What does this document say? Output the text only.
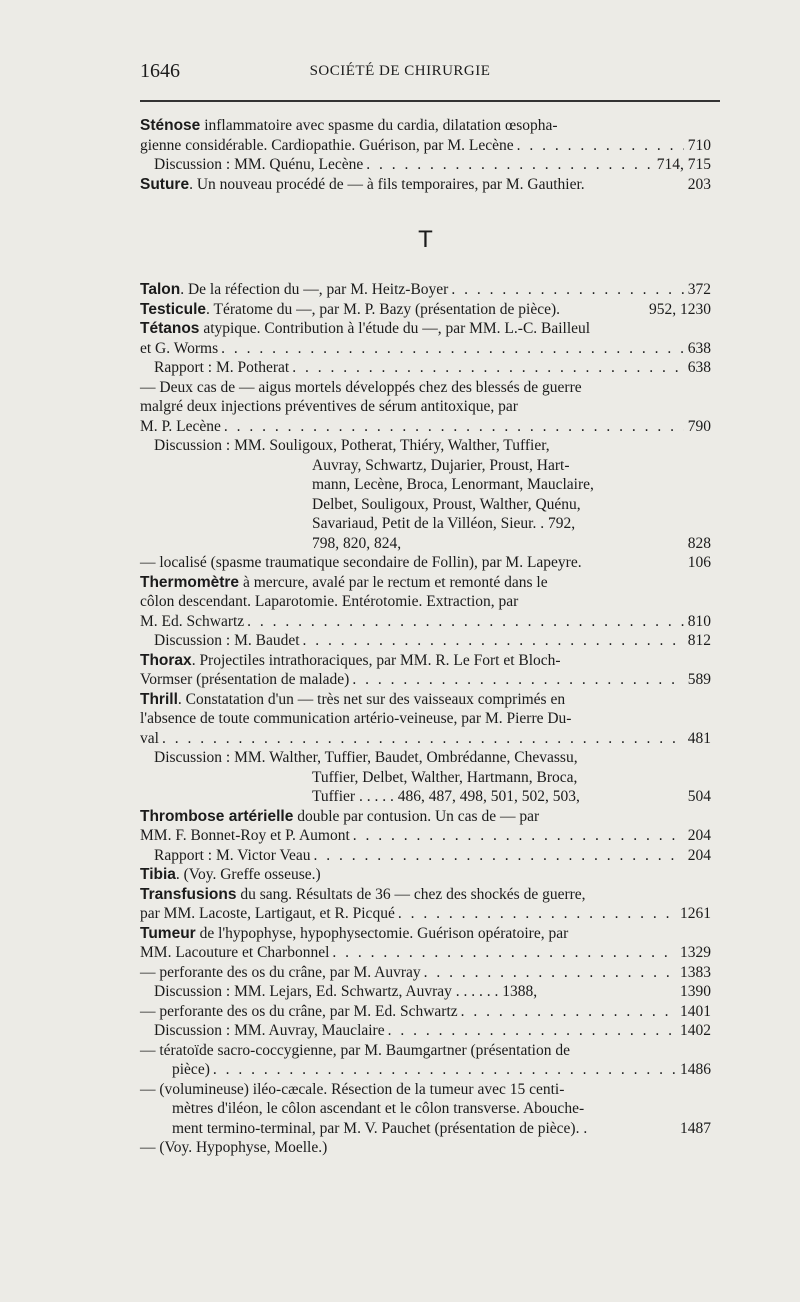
1646	SOCIÉTÉ DE CHIRURGIE
Sténose inflammatoire avec spasme du cardia, dilatation œsopha-
gienne considérable. Cardiopathie. Guérison, par M. Lecène . . .	710
Discussion : MM. Quénu, Lecène . . .	714, 715
Suture. Un nouveau procédé de — à fils temporaires, par M. Gauthier.	203
T
Talon. De la réfection du —, par M. Heitz-Boyer . . .	372
Testicule. Tératome du —, par M. P. Bazy (présentation de pièce).	952, 1230
Tétanos atypique. Contribution à l'étude du —, par MM. L.-C. Bailleul
et G. Worms . . .	638
Rapport : M. Potherat . . .	638
— Deux cas de — aigus mortels développés chez des blessés de guerre
malgré deux injections préventives de sérum antitoxique, par
M. P. Lecène . . .	790
Discussion : MM. Souligoux, Potherat, Thiéry, Walther, Tuffier,
Auvray, Schwartz, Dujarier, Proust, Hart-
mann, Lecène, Broca, Lenormant, Mauclaire,
Delbet, Souligoux, Proust, Walther, Quénu,
Savariaud, Petit de la Villéon, Sieur. . 792,
798, 820, 824,	828
— localisé (spasme traumatique secondaire de Follin), par M. Lapeyre.	106
Thermomètre à mercure, avalé par le rectum et remonté dans le
côlon descendant. Laparotomie. Entérotomie. Extraction, par
M. Ed. Schwartz . . .	810
Discussion : M. Baudet . . .	812
Thorax. Projectiles intrathoraciques, par MM. R. Le Fort et Bloch-
Vormser (présentation de malade) . . .	589
Thrill. Constatation d'un — très net sur des vaisseaux comprimés en
l'absence de toute communication artério-veineuse, par M. Pierre Du-
val . . .	481
Discussion : MM. Walther, Tuffier, Baudet, Ombrédanne, Chevassu,
Tuffier, Delbet, Walther, Hartmann, Broca,
Tuffier . . . . . 486, 487, 498, 501, 502, 503,	504
Thrombose artérielle double par contusion. Un cas de — par
MM. F. Bonnet-Roy et P. Aumont . . .	204
Rapport : M. Victor Veau . . .	204
Tibia. (Voy. Greffe osseuse.)
Transfusions du sang. Résultats de 36 — chez des shockés de guerre,
par MM. Lacoste, Lartigaut, et R. Picqué . . .	1261
Tumeur de l'hypophyse, hypophysectomie. Guérison opératoire, par
MM. Lacouture et Charbonnel . . .	1329
— perforante des os du crâne, par M. Auvray . . .	1383
Discussion : MM. Lejars, Ed. Schwartz, Auvray . . . . . . 1388,	1390
— perforante des os du crâne, par M. Ed. Schwartz . . .	1401
Discussion : MM. Auvray, Mauclaire . . .	1402
— tératoïde sacro-coccygienne, par M. Baumgartner (présentation de
pièce) . . .	1486
— (volumineuse) iléo-cæcale. Résection de la tumeur avec 15 centi-
mètres d'iléon, le côlon ascendant et le côlon transverse. Abouche-
ment termino-terminal, par M. V. Pauchet (présentation de pièce). .	1487
— (Voy. Hypophyse, Moelle.)
